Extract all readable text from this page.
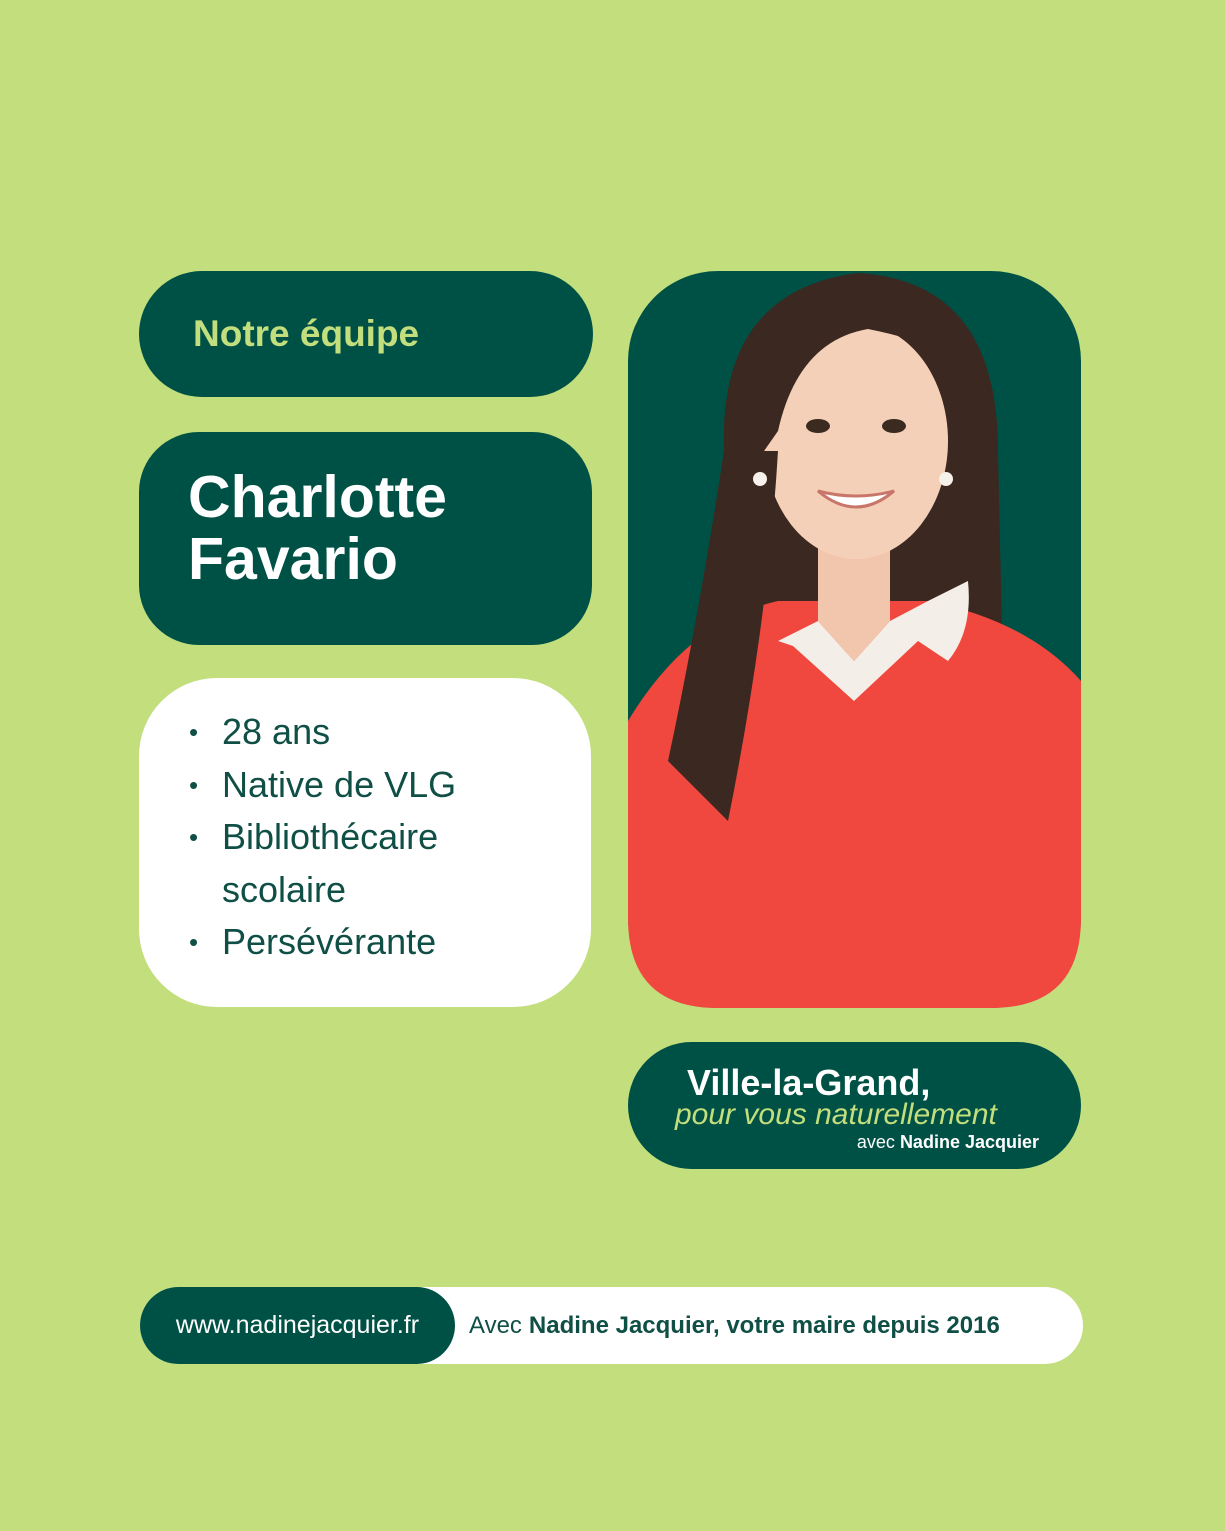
Notre équipe
Charlotte
Favario
• 28 ans
• Native de VLG
• Bibliothécaire scolaire
• Persévérante
Ville-la-Grand,
pour vous naturellement
avec Nadine Jacquier
www.nadinejacquier.fr	Avec Nadine Jacquier, votre maire depuis 2016
